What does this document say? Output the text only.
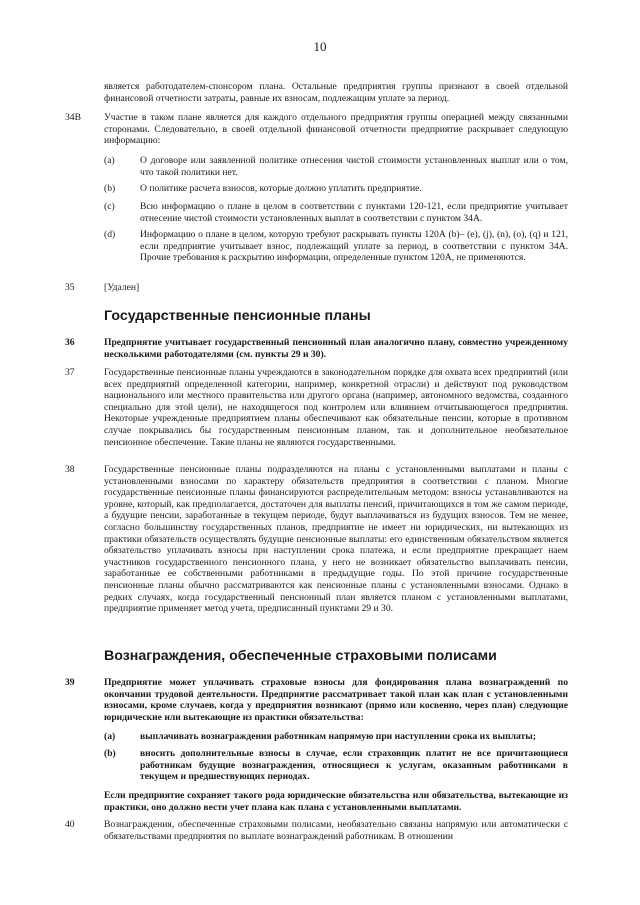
10
является работодателем-спонсором плана. Остальные предприятия группы признают в своей отдельной финансовой отчетности затраты, равные их взносам, подлежащим уплате за период.
34B	Участие в таком плане является для каждого отдельного предприятия группы операцией между связанными сторонами. Следовательно, в своей отдельной финансовой отчетности предприятие раскрывает следующую информацию:
(a)	О договоре или заявленной политике отнесения чистой стоимости установленных выплат или о том, что такой политики нет.
(b)	О политике расчета взносов, которые должно уплатить предприятие.
(c)	Всю информацию о плане в целом в соответствии с пунктами 120-121, если предприятие учитывает отнесение чистой стоимости установленных выплат в соответствии с пунктом 34А.
(d)	Информацию о плане в целом, которую требуют раскрывать пункты 120А (b)– (е), (j), (n), (o), (q) и 121, если предприятие учитывает взнос, подлежащий уплате за период, в соответствии с пунктом 34А. Прочие требования к раскрытию информации, определенные пунктом 120А, не применяются.
35	[Удален]
Государственные пенсионные планы
36	Предприятие учитывает государственный пенсионный план аналогично плану, совместно учрежденному несколькими работодателями (см. пункты 29 и 30).
37	Государственные пенсионные планы учреждаются в законодательном порядке для охвата всех предприятий (или всех предприятий определенной категории, например, конкретной отрасли) и действуют под руководством национального или местного правительства или другого органа (например, автономного ведомства, созданного специально для этой цели), не находящегося под контролем или влиянием отчитывающегося предприятия. Некоторые учрежденные предприятием планы обеспечивают как обязательные пенсии, которые в противном случае покрывались бы государственным пенсионным планом, так и дополнительное необязательное пенсионное обеспечение. Такие планы не являются государственными.
38	Государственные пенсионные планы подразделяются на планы с установленными выплатами и планы с установленными взносами по характеру обязательств предприятия в соответствии с планом. Многие государственные пенсионные планы финансируются распределительным методом: взносы устанавливаются на уровне, который, как предполагается, достаточен для выплаты пенсий, причитающихся в том же самом периоде, а будущие пенсии, заработанные в текущем периоде, будут выплачиваться из будущих взносов. Тем не менее, согласно большинству государственных планов, предприятие не имеет ни юридических, ни вытекающих из практики обязательств осуществлять будущие пенсионные выплаты: его единственным обязательством является обязательство уплачивать взносы при наступлении срока платежа, и если предприятие прекращает наем участников государственного пенсионного плана, у него не возникает обязательство выплачивать пенсии, заработанные ее собственными работниками в предыдущие годы. По этой причине государственные пенсионные планы обычно рассматриваются как пенсионные планы с установленными взносами. Однако в редких случаях, когда государственный пенсионный план является планом с установленными выплатами, предприятие применяет метод учета, предписанный пунктами 29 и 30.
Вознаграждения, обеспеченные страховыми полисами
39	Предприятие может уплачивать страховые взносы для фондирования плана вознаграждений по окончании трудовой деятельности. Предприятие рассматривает такой план как план с установленными взносами, кроме случаев, когда у предприятия возникают (прямо или косвенно, через план) следующие юридические или вытекающие из практики обязательства:
(a)	выплачивать вознаграждения работникам напрямую при наступлении срока их выплаты;
(b)	вносить дополнительные взносы в случае, если страховщик платит не все причитающиеся работникам будущие вознаграждения, относящиеся к услугам, оказанным работниками в текущем и предшествующих периодах.
Если предприятие сохраняет такого рода юридические обязательства или обязательства, вытекающие из практики, оно должно вести учет плана как плана с установленными выплатами.
40	Вознаграждения, обеспеченные страховыми полисами, необязательно связаны напрямую или автоматически с обязательствами предприятия по выплате вознаграждений работникам. В отношении
